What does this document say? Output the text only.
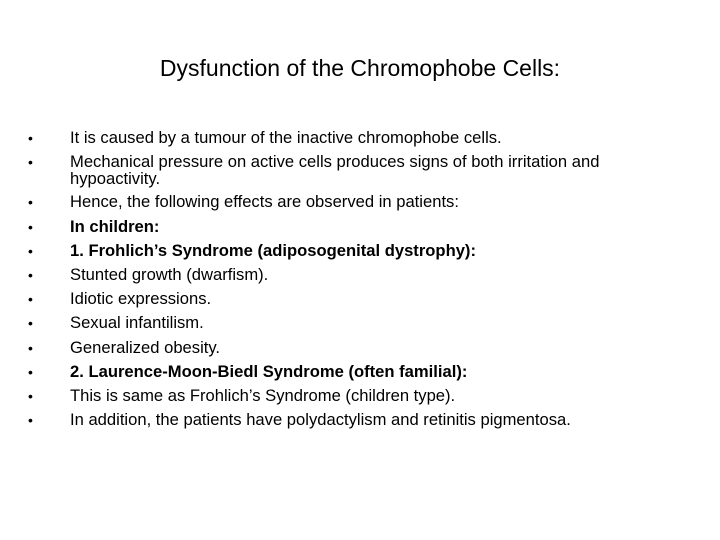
Dysfunction of the Chromophobe Cells:
•	It is caused by a tumour of the inactive chromophobe cells.
•	Mechanical pressure on active cells produces signs of both irritation and
hypoactivity.
•	Hence, the following effects are observed in patients:
•	In children:
•	1. Frohlich’s Syndrome (adiposogenital dystrophy):
•	Stunted growth (dwarfism).
•	Idiotic expressions.
•	Sexual infantilism.
•	Generalized obesity.
•	2. Laurence-Moon-Biedl Syndrome (often familial):
•	This is same as Frohlich’s Syndrome (children type).
•	In addition, the patients have polydactylism and retinitis pigmentosa.
